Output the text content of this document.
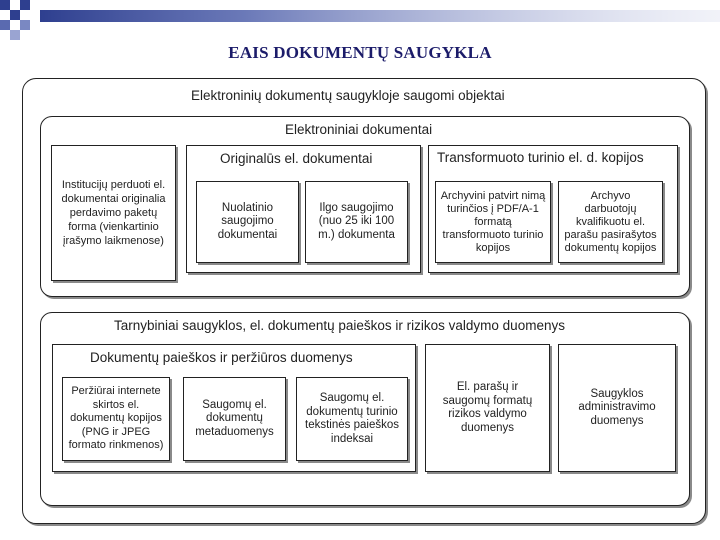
EAIS DOKUMENTŲ SAUGYKLA
Elektroninių dokumentų saugykloje saugomi objektai
Elektroniniai dokumentai
Institucijų perduoti el.
dokumentai originalia
perdavimo paketų
forma (vienkartinio
įrašymo laikmenose)
Originalūs el. dokumentai
Nuolatinio
saugojimo
dokumentai
Ilgo saugojimo
(nuo 25 iki 100
m.) dokumenta
Transformuoto turinio el. d. kopijos
Archyvini patvirt nimą
turinčios į PDF/A-1
formatą
transformuoto turinio
kopijos
Archyvo
darbuotojų
kvalifikuotu el.
parašu pasirašytos
dokumentų kopijos
Tarnybiniai saugyklos, el. dokumentų paieškos ir rizikos valdymo duomenys
Dokumentų paieškos ir peržiūros duomenys
Peržiūrai internete
skirtos el.
dokumentų kopijos
(PNG ir JPEG
formato rinkmenos)
Saugomų el.
dokumentų
metaduomenys
Saugomų el.
dokumentų turinio
tekstinės paieškos
indeksai
El. parašų ir
saugomų formatų
rizikos valdymo
duomenys
Saugyklos
administravimo
duomenys
